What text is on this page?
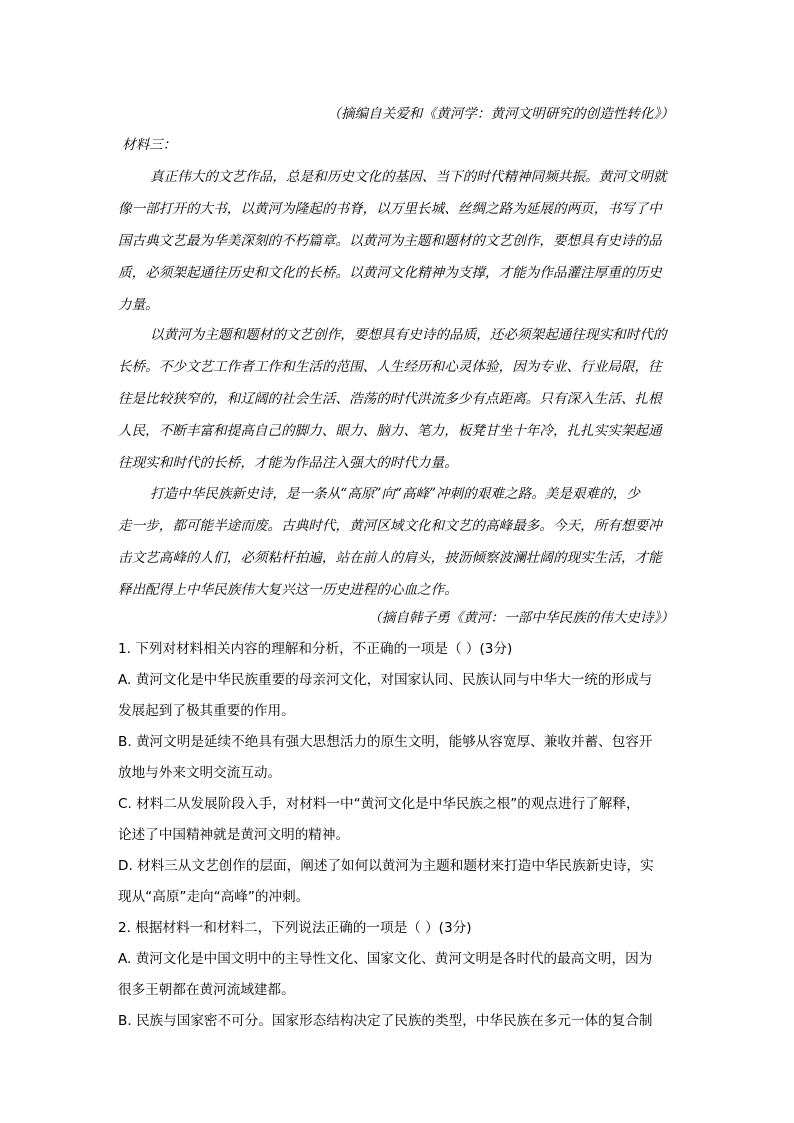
（摘编自关爱和《黄河学：黄河文明研究的创造性转化》）
材料三：
真正伟大的文艺作品，总是和历史文化的基因、当下的时代精神同频共振。黄河文明就
像一部打开的大书，以黄河为隆起的书脊，以万里长城、丝绸之路为延展的两页，书写了中
国古典文艺最为华美深刻的不朽篇章。以黄河为主题和题材的文艺创作，要想具有史诗的品
质，必须架起通往历史和文化的长桥。以黄河文化精神为支撑，才能为作品灌注厚重的历史
力量。
以黄河为主题和题材的文艺创作，要想具有史诗的品质，还必须架起通往现实和时代的
长桥。不少文艺工作者工作和生活的范围、人生经历和心灵体验，因为专业、行业局限，往
往是比较狭窄的，和辽阔的社会生活、浩荡的时代洪流多少有点距离。只有深入生活、扎根
人民，不断丰富和提高自己的脚力、眼力、脑力、笔力，板凳甘坐十年冷，扎扎实实架起通
往现实和时代的长桥，才能为作品注入强大的时代力量。
打造中华民族新史诗，是一条从“高原”向“高峰”冲刺的艰难之路。美是艰难的，少
走一步，都可能半途而废。古典时代，黄河区域文化和文艺的高峰最多。今天，所有想要冲
击文艺高峰的人们，必须粘杆拍遍，站在前人的肩头，披沥倾察波澜壮阔的现实生活，才能
释出配得上中华民族伟大复兴这一历史进程的心血之作。
（摘自韩子勇《黄河：一部中华民族的伟大史诗》）
1. 下列对材料相关内容的理解和分析，不正确的一项是（ ）(3分)
A. 黄河文化是中华民族重要的母亲河文化，对国家认同、民族认同与中华大一统的形成与
发展起到了极其重要的作用。
B. 黄河文明是延续不绝具有强大思想活力的原生文明，能够从容宽厚、兼收并蓄、包容开
放地与外来文明交流互动。
C. 材料二从发展阶段入手，对材料一中“黄河文化是中华民族之根”的观点进行了解释，
论述了中国精神就是黄河文明的精神。
D. 材料三从文艺创作的层面，阐述了如何以黄河为主题和题材来打造中华民族新史诗，实
现从“高原”走向“高峰”的冲刺。
2. 根据材料一和材料二，下列说法正确的一项是（ ）(3分)
A. 黄河文化是中国文明中的主导性文化、国家文化、黄河文明是各时代的最高文明，因为
很多王朝都在黄河流域建都。
B. 民族与国家密不可分。国家形态结构决定了民族的类型，中华民族在多元一体的复合制
